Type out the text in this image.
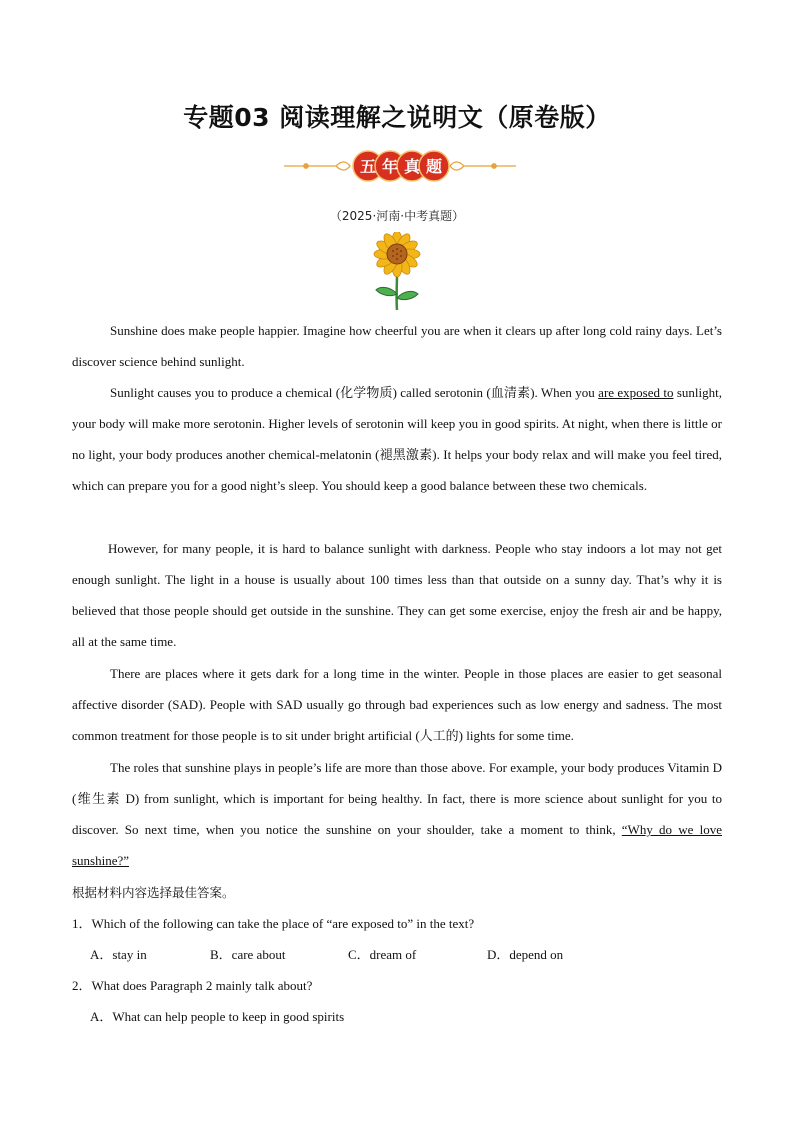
专题03 阅读理解之说明文（原卷版）
五 年 真 题
（2025·河南·中考真题）

Sunshine does make people happier. Imagine how cheerful you are when it clears up after long cold rainy days. Let’s discover science behind sunlight.

Sunlight causes you to produce a chemical (化学物质) called serotonin (血清素). When you are exposed to sunlight, your body will make more serotonin. Higher levels of serotonin will keep you in good spirits. At night, when there is little or no light, your body produces another chemical-melatonin (褪黑激素). It helps your body relax and will make you feel tired, which can prepare you for a good night’s sleep. You should keep a good balance between these two chemicals.

However, for many people, it is hard to balance sunlight with darkness. People who stay indoors a lot may not get enough sunlight. The light in a house is usually about 100 times less than that outside on a sunny day. That’s why it is believed that those people should get outside in the sunshine. They can get some exercise, enjoy the fresh air and be happy, all at the same time.

There are places where it gets dark for a long time in the winter. People in those places are easier to get seasonal affective disorder (SAD). People with SAD usually go through bad experiences such as low energy and sadness. The most common treatment for those people is to sit under bright artificial (人工的) lights for some time.

The roles that sunshine plays in people’s life are more than those above. For example, your body produces Vitamin D (维生素 D) from sunlight, which is important for being healthy. In fact, there is more science about sunlight for you to discover. So next time, when you notice the sunshine on your shoulder, take a moment to think, “Why do we love sunshine?”

根据材料内容选择最佳答案。

1．Which of the following can take the place of “are exposed to” in the text?

A．stay in	B．care about	C．dream of	D．depend on

2．What does Paragraph 2 mainly talk about?

A．What can help people to keep in good spirits
